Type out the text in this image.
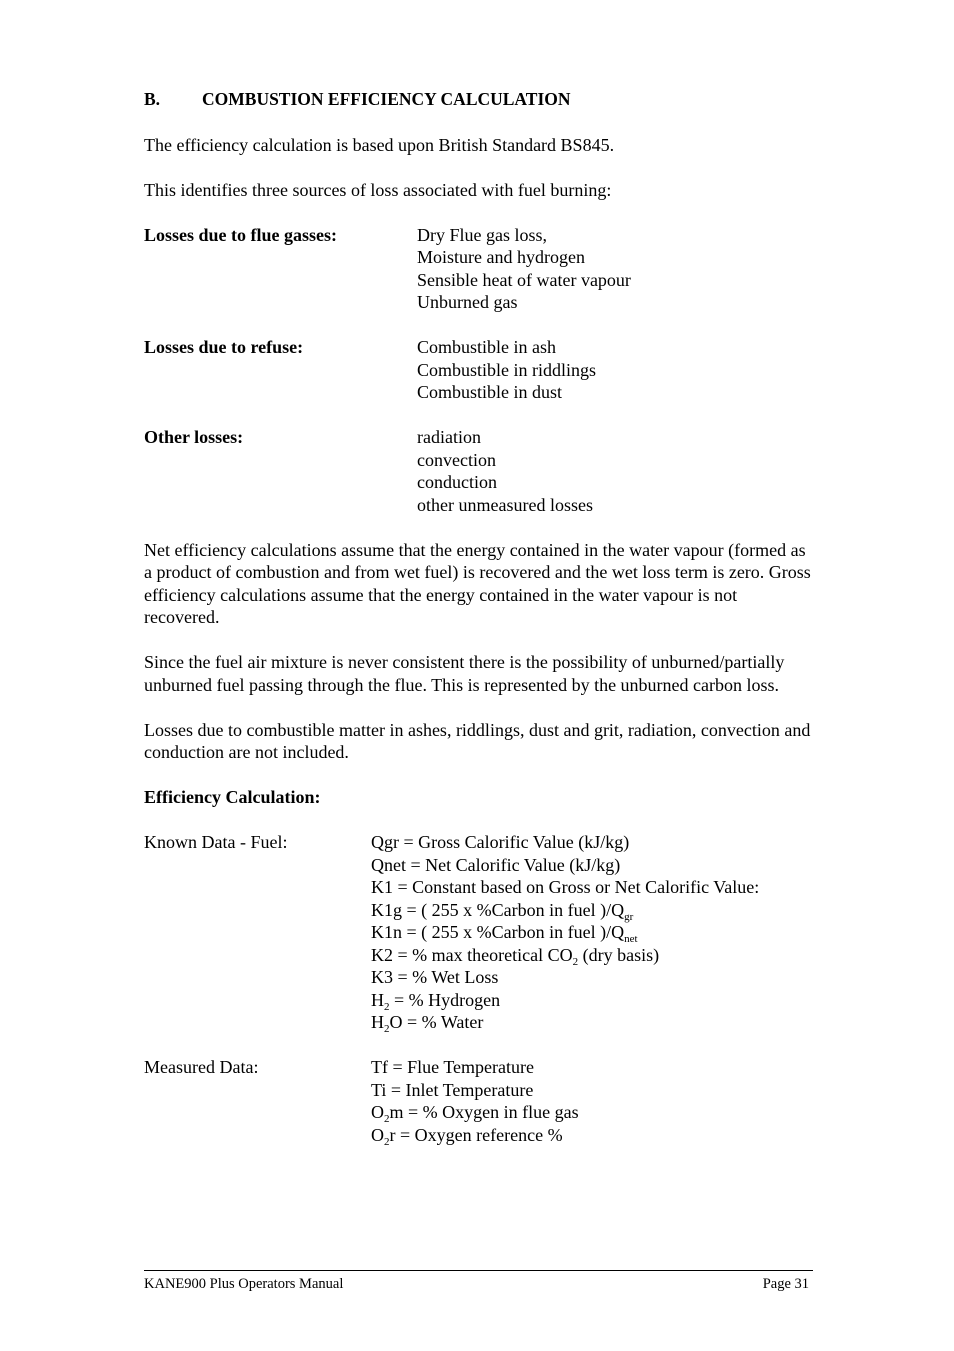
B. COMBUSTION EFFICIENCY CALCULATION

The efficiency calculation is based upon British Standard BS845.

This identifies three sources of loss associated with fuel burning:

Losses due to flue gasses:	Dry Flue gas loss,
Moisture and hydrogen
Sensible heat of water vapour
Unburned gas
Losses due to refuse:	Combustible in ash
Combustible in riddlings
Combustible in dust
Other losses:	radiation
convection
conduction
other unmeasured losses

Net efficiency calculations assume that the energy contained in the water vapour (formed as a product of combustion and from wet fuel) is recovered and the wet loss term is zero. Gross efficiency calculations assume that the energy contained in the water vapour is not recovered.

Since the fuel air mixture is never consistent there is the possibility of unburned/partially unburned fuel passing through the flue. This is represented by the unburned carbon loss.

Losses due to combustible matter in ashes, riddlings, dust and grit, radiation, convection and conduction are not included.

Efficiency Calculation:
Known Data - Fuel:	Qgr = Gross Calorific Value (kJ/kg)
Qnet = Net Calorific Value (kJ/kg)
K1 = Constant based on Gross or Net Calorific Value:
K1g = ( 255 x %Carbon in fuel )$/Q_{gr}$
K1n = ( 255 x %Carbon in fuel )$/Q_{net}$
K2 = % max theoretical $CO_2$ (dry basis)
K3 = % Wet Loss
$H_2$ = % Hydrogen
$H_2O$ = % Water
Measured Data:	Tf = Flue Temperature
Ti = Inlet Temperature
$O_2m$ = % Oxygen in flue gas
$O_2r$ = Oxygen reference %
KANE900 Plus Operators Manual	Page 31
